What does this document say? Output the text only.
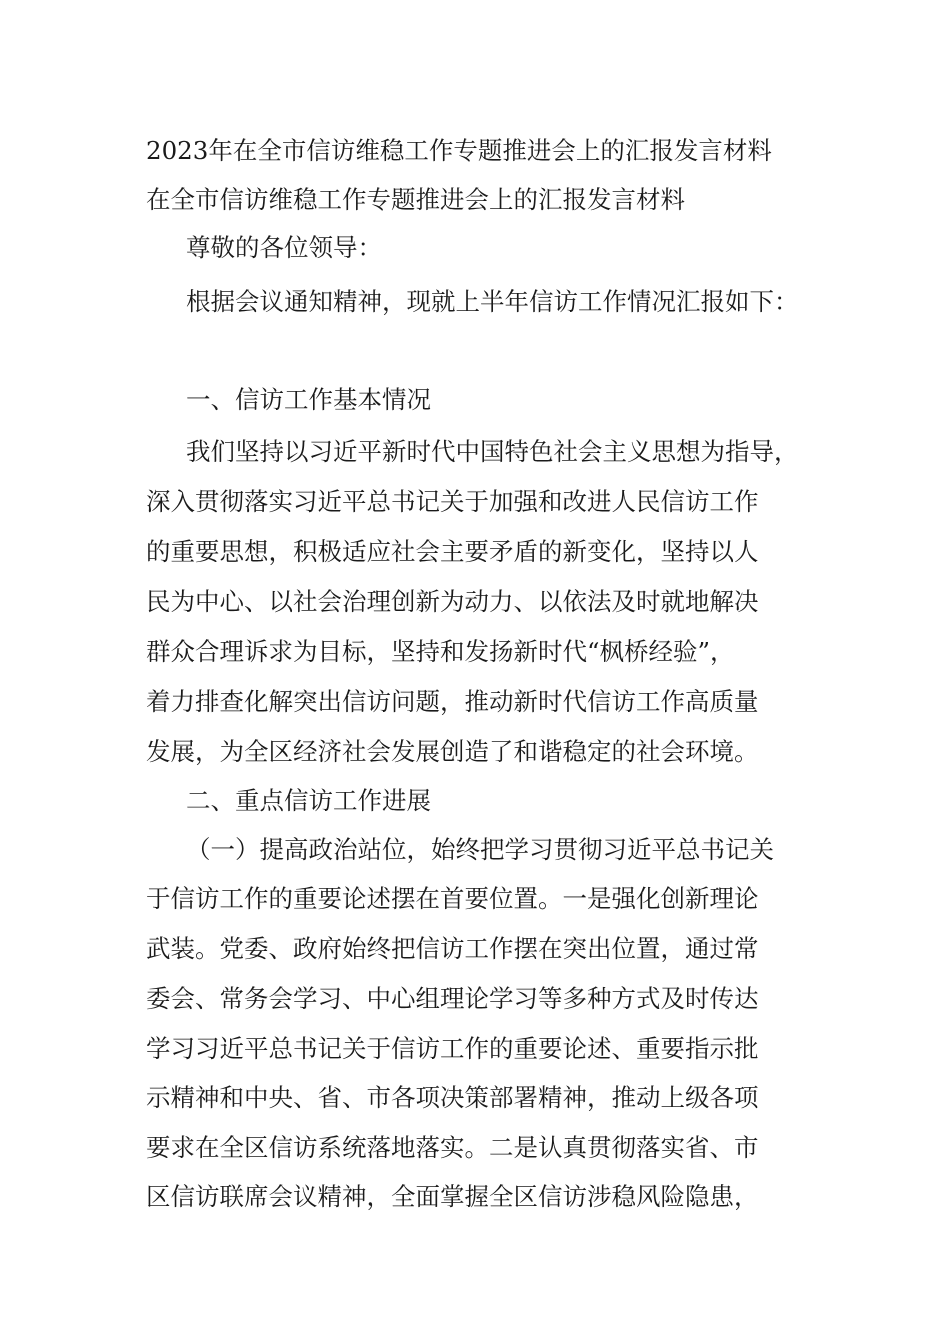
2023年在全市信访维稳工作专题推进会上的汇报发言材料
在全市信访维稳工作专题推进会上的汇报发言材料
尊敬的各位领导：
根据会议通知精神，现就上半年信访工作情况汇报如下：
一、信访工作基本情况
我们坚持以习近平新时代中国特色社会主义思想为指导，
深入贯彻落实习近平总书记关于加强和改进人民信访工作
的重要思想，积极适应社会主要矛盾的新变化，坚持以人
民为中心、以社会治理创新为动力、以依法及时就地解决
群众合理诉求为目标，坚持和发扬新时代“枫桥经验”，
着力排查化解突出信访问题，推动新时代信访工作高质量
发展，为全区经济社会发展创造了和谐稳定的社会环境。
二、重点信访工作进展
（一）提高政治站位，始终把学习贯彻习近平总书记关
于信访工作的重要论述摆在首要位置。一是强化创新理论
武装。党委、政府始终把信访工作摆在突出位置，通过常
委会、常务会学习、中心组理论学习等多种方式及时传达
学习习近平总书记关于信访工作的重要论述、重要指示批
示精神和中央、省、市各项决策部署精神，推动上级各项
要求在全区信访系统落地落实。二是认真贯彻落实省、市
区信访联席会议精神，全面掌握全区信访涉稳风险隐患，
